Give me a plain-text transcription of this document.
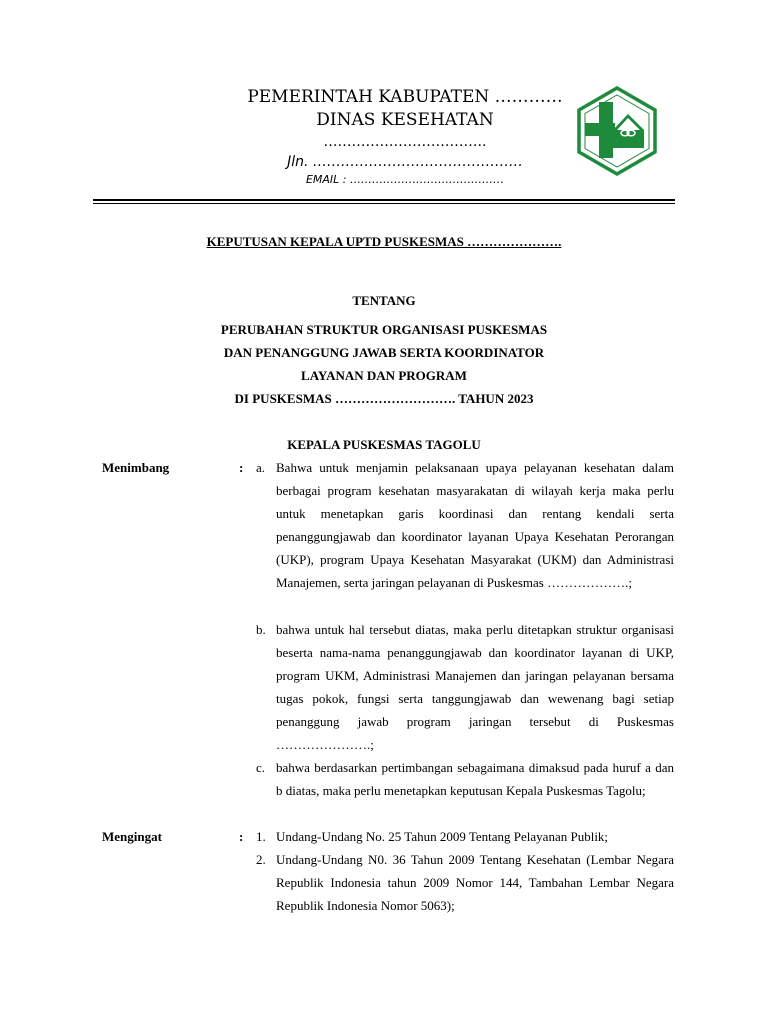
PEMERINTAH KABUPATEN …………
DINAS KESEHATAN
……………………………..
Jln. ………………………………………
EMAIL : ……………………………………
KEPUTUSAN KEPALA UPTD PUSKESMAS ………………….
TENTANG
PERUBAHAN STRUKTUR ORGANISASI PUSKESMAS
DAN PENANGGUNG JAWAB SERTA KOORDINATOR
LAYANAN DAN PROGRAM
DI PUSKESMAS ………………………. TAHUN 2023
KEPALA PUSKESMAS TAGOLU
Menimbang	: a. Bahwa untuk menjamin pelaksanaan upaya pelayanan kesehatan dalam berbagai program kesehatan masyarakatan di wilayah kerja maka perlu untuk menetapkan garis koordinasi dan rentang kendali serta penanggungjawab dan koordinator layanan Upaya Kesehatan Perorangan (UKP), program Upaya Kesehatan Masyarakat (UKM) dan Administrasi Manajemen, serta jaringan pelayanan di Puskesmas ……………….;
b. bahwa untuk hal tersebut diatas, maka perlu ditetapkan struktur organisasi beserta nama-nama penanggungjawab dan koordinator layanan di UKP, program UKM, Administrasi Manajemen dan jaringan pelayanan bersama tugas pokok, fungsi serta tanggungjawab dan wewenang bagi setiap penanggung jawab program jaringan tersebut di Puskesmas ………………….;
c. bahwa berdasarkan pertimbangan sebagaimana dimaksud pada huruf a dan b diatas, maka perlu menetapkan keputusan Kepala Puskesmas Tagolu;
Mengingat	: 1. Undang-Undang No. 25 Tahun 2009 Tentang Pelayanan Publik;
2. Undang-Undang N0. 36 Tahun 2009 Tentang Kesehatan (Lembar Negara Republik Indonesia tahun 2009 Nomor 144, Tambahan Lembar Negara Republik Indonesia Nomor 5063);
